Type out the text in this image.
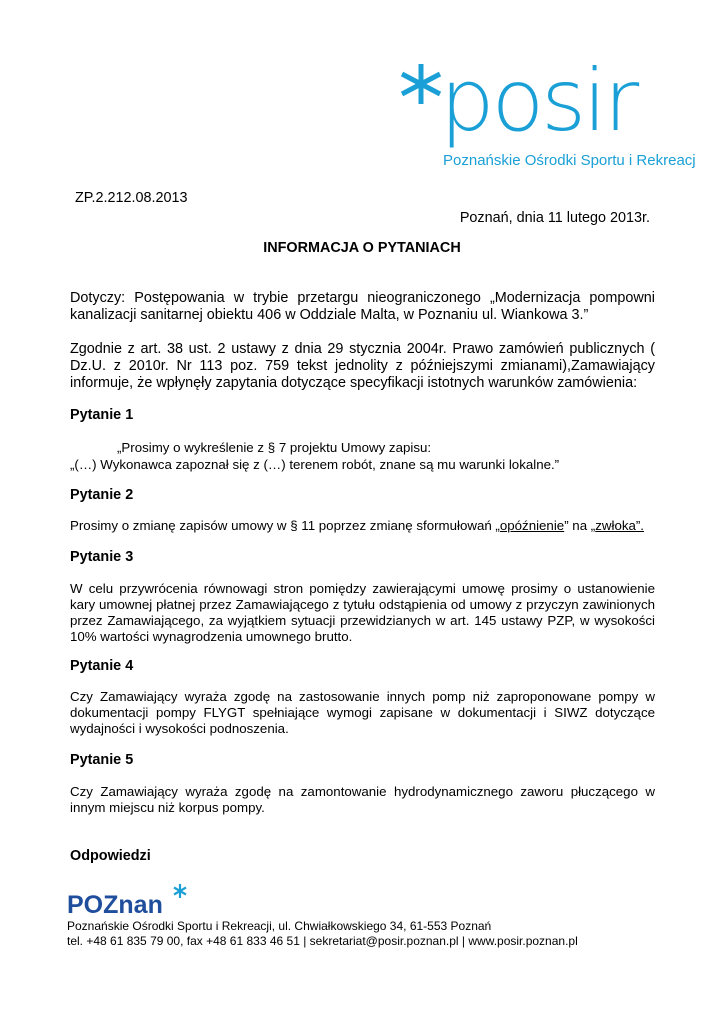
posir
Poznańskie Ośrodki Sportu i Rekreacj
ZP.2.212.08.2013
Poznań, dnia 11 lutego 2013r.
INFORMACJA O PYTANIACH
Dotyczy: Postępowania w trybie przetargu nieograniczonego „Modernizacja pompowni kanalizacji sanitarnej obiektu 406 w Oddziale Malta, w Poznaniu ul. Wiankowa 3.”
Zgodnie z art. 38 ust. 2 ustawy z dnia 29 stycznia 2004r. Prawo zamówień publicznych ( Dz.U. z 2010r. Nr 113 poz. 759 tekst jednolity z późniejszymi zmianami),Zamawiający informuje, że wpłynęły zapytania dotyczące specyfikacji istotnych warunków zamówienia:
Pytanie 1
„Prosimy o wykreślenie z § 7 projektu Umowy zapisu:
„(…) Wykonawca zapoznał się z (…) terenem robót, znane są mu warunki lokalne.”
Pytanie 2
Prosimy o zmianę zapisów umowy w § 11 poprzez zmianę sformułowań „opóźnienie” na „zwłoka”.
Pytanie 3
W celu przywrócenia równowagi stron pomiędzy zawierającymi umowę prosimy o ustanowienie kary umownej płatnej przez Zamawiającego z tytułu odstąpienia od umowy z przyczyn zawinionych przez Zamawiającego, za wyjątkiem sytuacji przewidzianych w art. 145 ustawy PZP, w wysokości 10% wartości wynagrodzenia umownego brutto.
Pytanie 4
Czy Zamawiający wyraża zgodę na zastosowanie innych pomp niż zaproponowane pompy w dokumentacji pompy FLYGT spełniające wymogi zapisane w dokumentacji i SIWZ dotyczące wydajności i wysokości podnoszenia.
Pytanie 5
Czy Zamawiający wyraża zgodę na zamontowanie hydrodynamicznego zaworu płuczącego w innym miejscu niż korpus pompy.
Odpowiedzi
POZnan
Poznańskie Ośrodki Sportu i Rekreacji, ul. Chwiałkowskiego 34, 61-553 Poznań
tel. +48 61 835 79 00, fax +48 61 833 46 51 | sekretariat@posir.poznan.pl | www.posir.poznan.pl
